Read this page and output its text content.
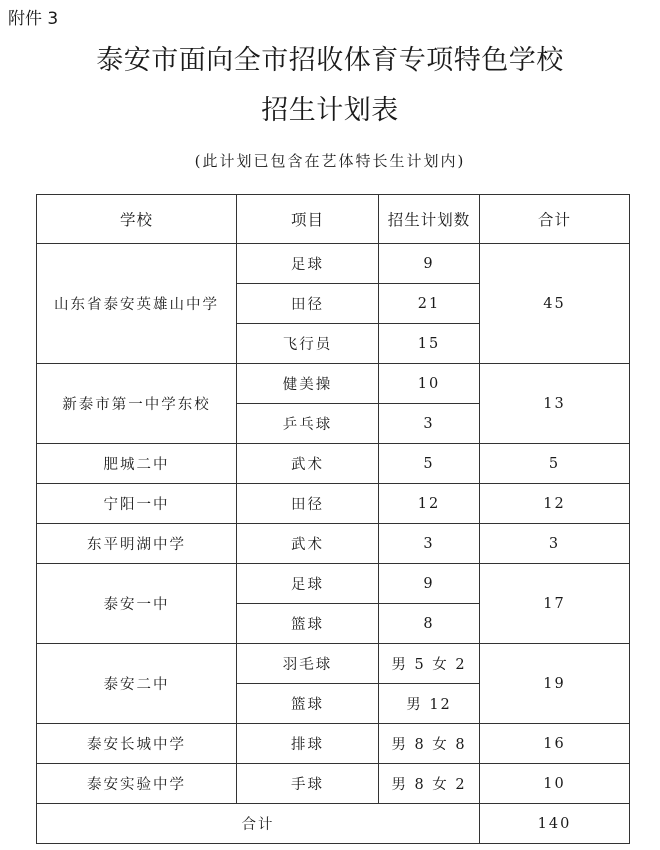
附件 3
泰安市面向全市招收体育专项特色学校
招生计划表
(此计划已包含在艺体特长生计划内)
学校	项目	招生计划数	合计
山东省泰安英雄山中学	足球	9	45
	田径	21	
	飞行员	15	
新泰市第一中学东校	健美操	10	13
	乒乓球	3	
肥城二中	武术	5	5
宁阳一中	田径	12	12
东平明湖中学	武术	3	3
泰安一中	足球	9	17
	篮球	8	
泰安二中	羽毛球	男 5 女 2	19
	篮球	男 12	
泰安长城中学	排球	男 8 女 8	16
泰安实验中学	手球	男 8 女 2	10
合计			140
